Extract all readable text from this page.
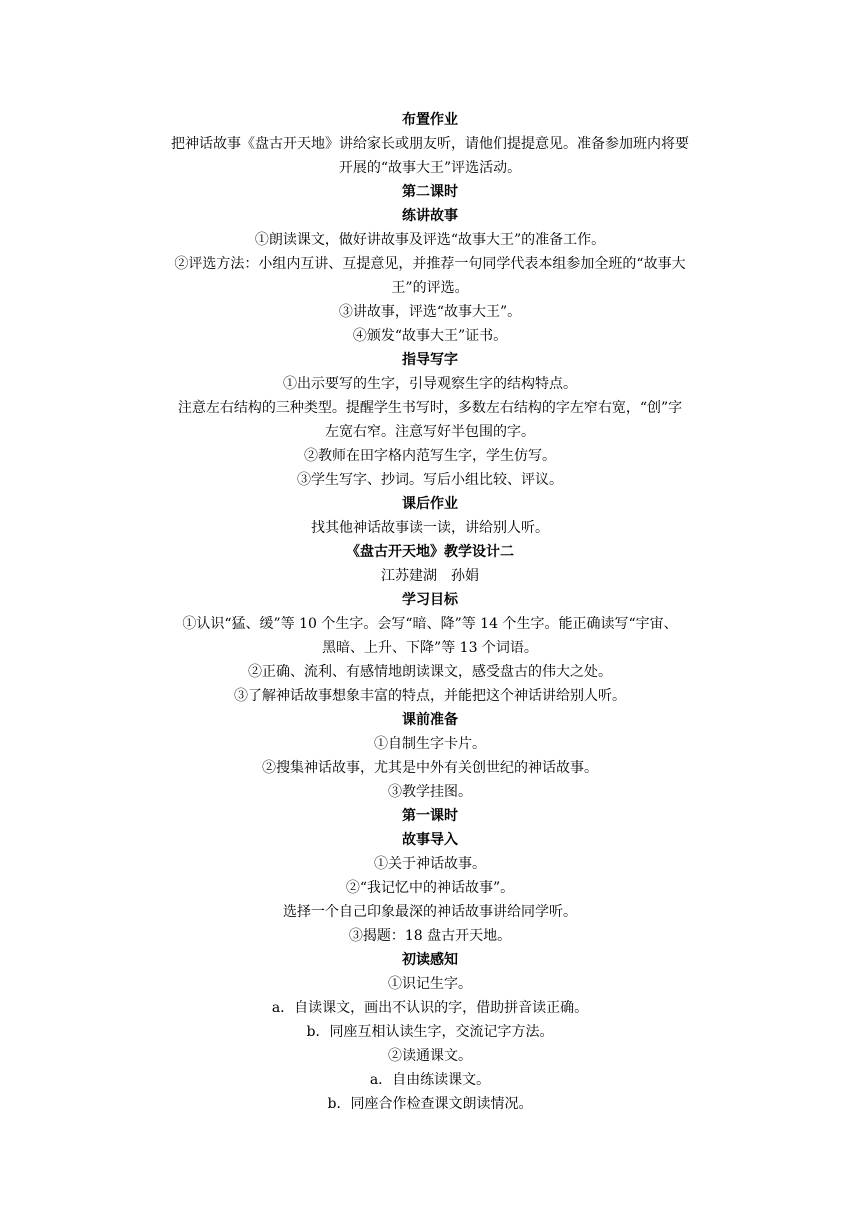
布置作业
把神话故事《盘古开天地》讲给家长或朋友听，请他们提提意见。准备参加班内将要
开展的“故事大王”评选活动。
第二课时
练讲故事
①朗读课文，做好讲故事及评选“故事大王”的准备工作。
②评选方法：小组内互讲、互提意见，并推荐一句同学代表本组参加全班的“故事大
王”的评选。
③讲故事，评选“故事大王”。
④颁发“故事大王”证书。
指导写字
①出示要写的生字，引导观察生字的结构特点。
注意左右结构的三种类型。提醒学生书写时，多数左右结构的字左窄右宽，“创”字
左宽右窄。注意写好半包围的字。
②教师在田字格内范写生字，学生仿写。
③学生写字、抄词。写后小组比较、评议。
课后作业
找其他神话故事读一读，讲给别人听。
《盘古开天地》教学设计二
江苏建湖　孙娟
学习目标
①认识“猛、缓”等 10 个生字。会写“暗、降”等 14 个生字。能正确读写“宇宙、
黑暗、上升、下降”等 13 个词语。
②正确、流利、有感情地朗读课文，感受盘古的伟大之处。
③了解神话故事想象丰富的特点，并能把这个神话讲给别人听。
课前准备
①自制生字卡片。
②搜集神话故事，尤其是中外有关创世纪的神话故事。
③教学挂图。
第一课时
故事导入
①关于神话故事。
②“我记忆中的神话故事”。
选择一个自己印象最深的神话故事讲给同学听。
③揭题：18 盘古开天地。
初读感知
①识记生字。
a．自读课文，画出不认识的字，借助拼音读正确。
b．同座互相认读生字，交流记字方法。
②读通课文。
a．自由练读课文。
b．同座合作检查课文朗读情况。
